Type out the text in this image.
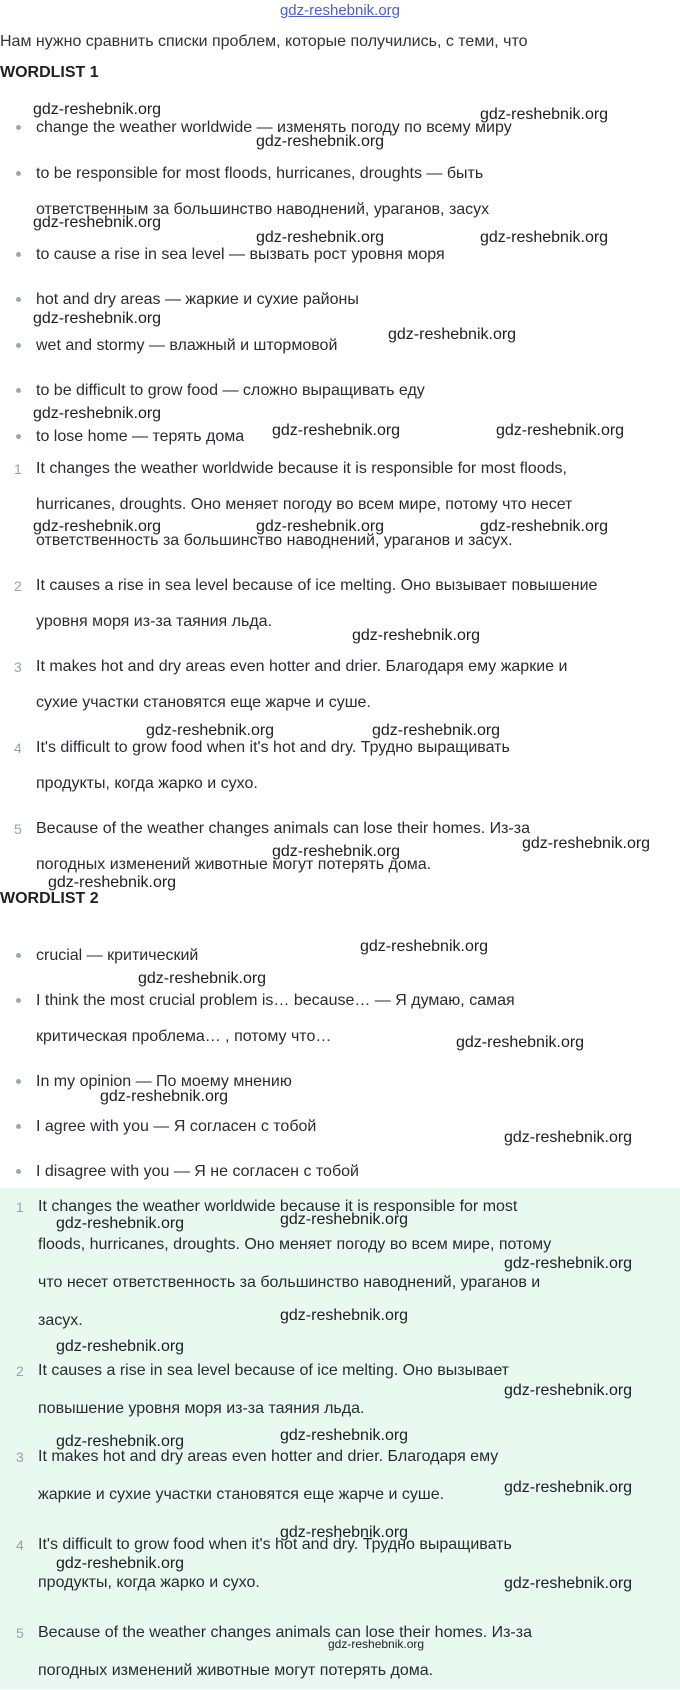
gdz-reshebnik.org
Нам нужно сравнить списки проблем, которые получились, с теми, что
WORDLIST 1
change the weather worldwide — изменять погоду по всему миру
to be responsible for most floods, hurricanes, droughts — быть
ответственным за большинство наводнений, ураганов, засух
to cause a rise in sea level — вызвать рост уровня моря
hot and dry areas — жаркие и сухие районы
wet and stormy — влажный и штормовой
to be difficult to grow food — сложно выращивать еду
to lose home — терять дома
1 It changes the weather worldwide because it is responsible for most floods,
hurricanes, droughts. Оно меняет погоду во всем мире, потому что несет
ответственность за большинство наводнений, ураганов и засух.
2 It causes a rise in sea level because of ice melting. Оно вызывает повышение
уровня моря из-за таяния льда.
3 It makes hot and dry areas even hotter and drier. Благодаря ему жаркие и
сухие участки становятся еще жарче и суше.
4 It's difficult to grow food when it's hot and dry. Трудно выращивать
продукты, когда жарко и сухо.
5 Because of the weather changes animals can lose their homes. Из-за
погодных изменений животные могут потерять дома.
WORDLIST 2
crucial — критический
I think the most crucial problem is… because… — Я думаю, самая
критическая проблема… , потому что…
In my opinion — По моему мнению
I agree with you — Я согласен с тобой
I disagree with you — Я не согласен с тобой
1 It changes the weather worldwide because it is responsible for most
floods, hurricanes, droughts. Оно меняет погоду во всем мире, потому
что несет ответственность за большинство наводнений, ураганов и
засух.
2 It causes a rise in sea level because of ice melting. Оно вызывает
повышение уровня моря из-за таяния льда.
3 It makes hot and dry areas even hotter and drier. Благодаря ему
жаркие и сухие участки становятся еще жарче и суше.
4 It's difficult to grow food when it's hot and dry. Трудно выращивать
продукты, когда жарко и сухо.
5 Because of the weather changes animals can lose their homes. Из-за
погодных изменений животные могут потерять дома.
gdz-reshebnik.org	gdz-reshebnik.org
gdz-reshebnik.org
gdz-reshebnik.org
gdz-reshebnik.org	gdz-reshebnik.org
gdz-reshebnik.org
gdz-reshebnik.org
gdz-reshebnik.org
gdz-reshebnik.org	gdz-reshebnik.org
gdz-reshebnik.org	gdz-reshebnik.org	gdz-reshebnik.org
gdz-reshebnik.org
gdz-reshebnik.org	gdz-reshebnik.org
gdz-reshebnik.org
gdz-reshebnik.org
gdz-reshebnik.org
gdz-reshebnik.org
gdz-reshebnik.org
gdz-reshebnik.org
gdz-reshebnik.org
gdz-reshebnik.org
gdz-reshebnik.org
gdz-reshebnik.org
gdz-reshebnik.org
gdz-reshebnik.org
gdz-reshebnik.org
gdz-reshebnik.org
gdz-reshebnik.org
gdz-reshebnik.org
gdz-reshebnik.org
gdz-reshebnik.org
gdz-reshebnik.org
gdz-reshebnik.org
gdz-reshebnik.org
